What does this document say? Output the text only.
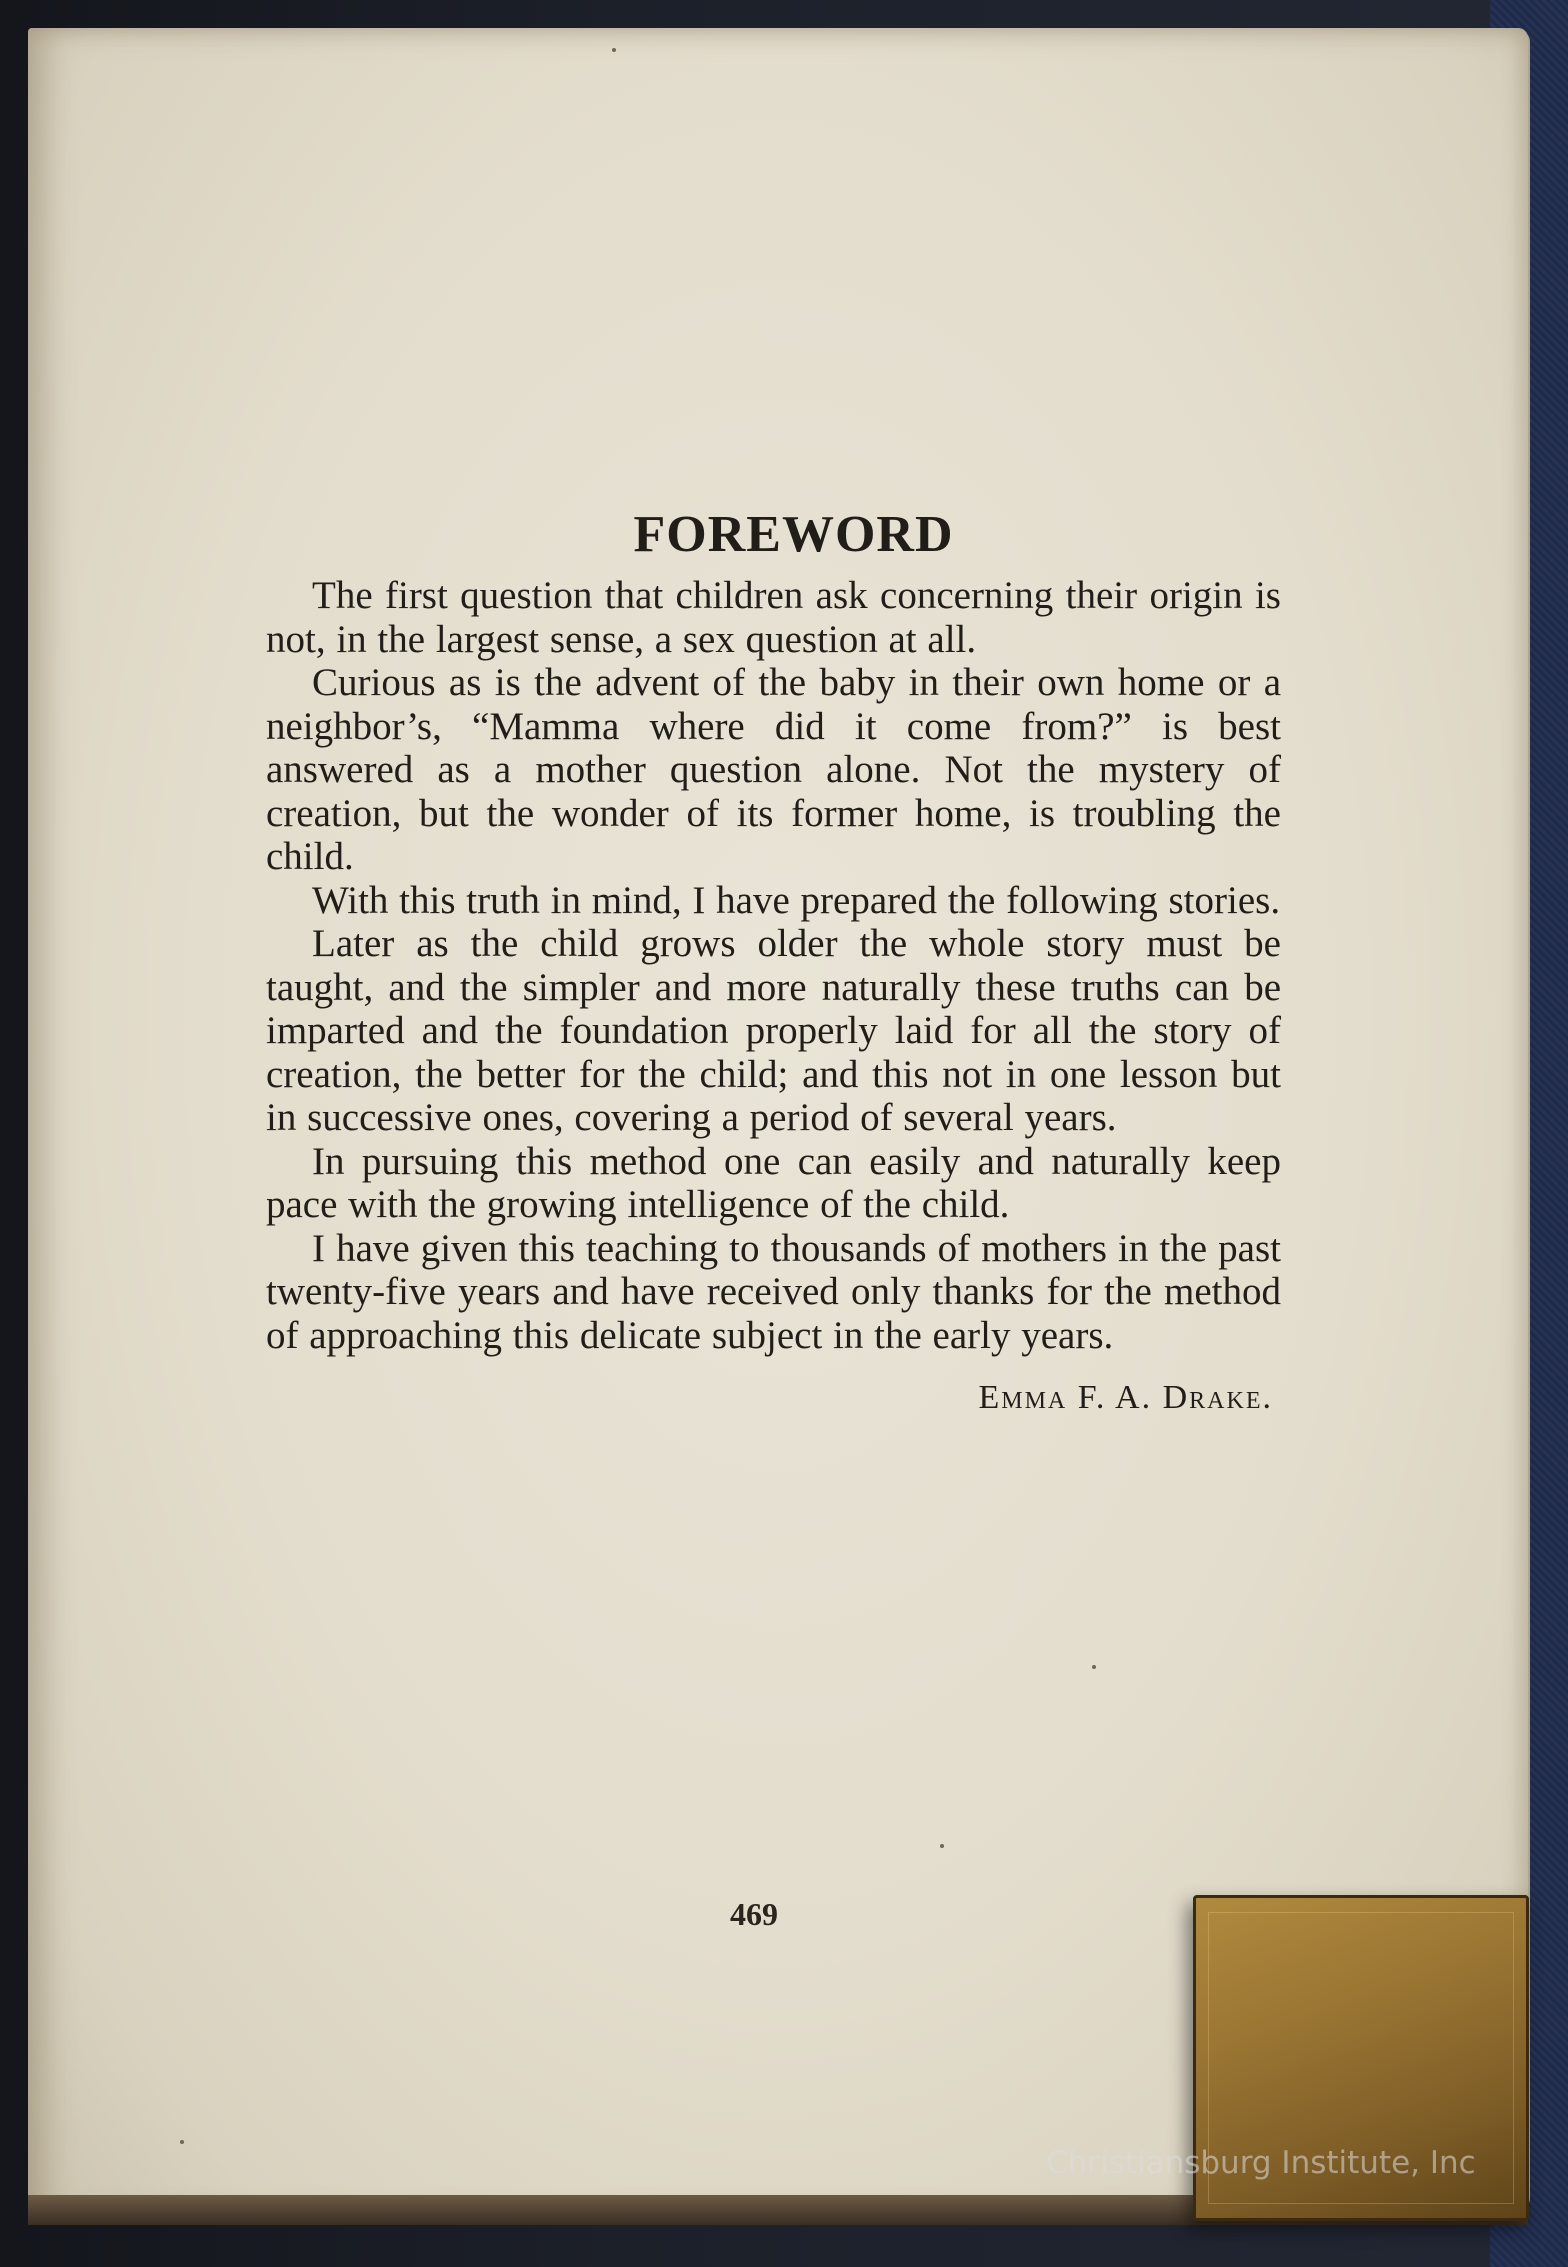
FOREWORD

The first question that children ask concerning their origin is not, in the largest sense, a sex question at all.

Curious as is the advent of the baby in their own home or a neighbor’s, “Mamma where did it come from?” is best answered as a mother question alone. Not the mystery of creation, but the wonder of its former home, is troubling the child.

With this truth in mind, I have prepared the following stories.

Later as the child grows older the whole story must be taught, and the simpler and more naturally these truths can be imparted and the foundation properly laid for all the story of creation, the better for the child; and this not in one lesson but in successive ones, covering a period of several years.

In pursuing this method one can easily and naturally keep pace with the growing intelligence of the child.

I have given this teaching to thousands of mothers in the past twenty-five years and have received only thanks for the method of approaching this delicate subject in the early years.

Emma F. A. Drake.
469
Christiansburg Institute, Inc
